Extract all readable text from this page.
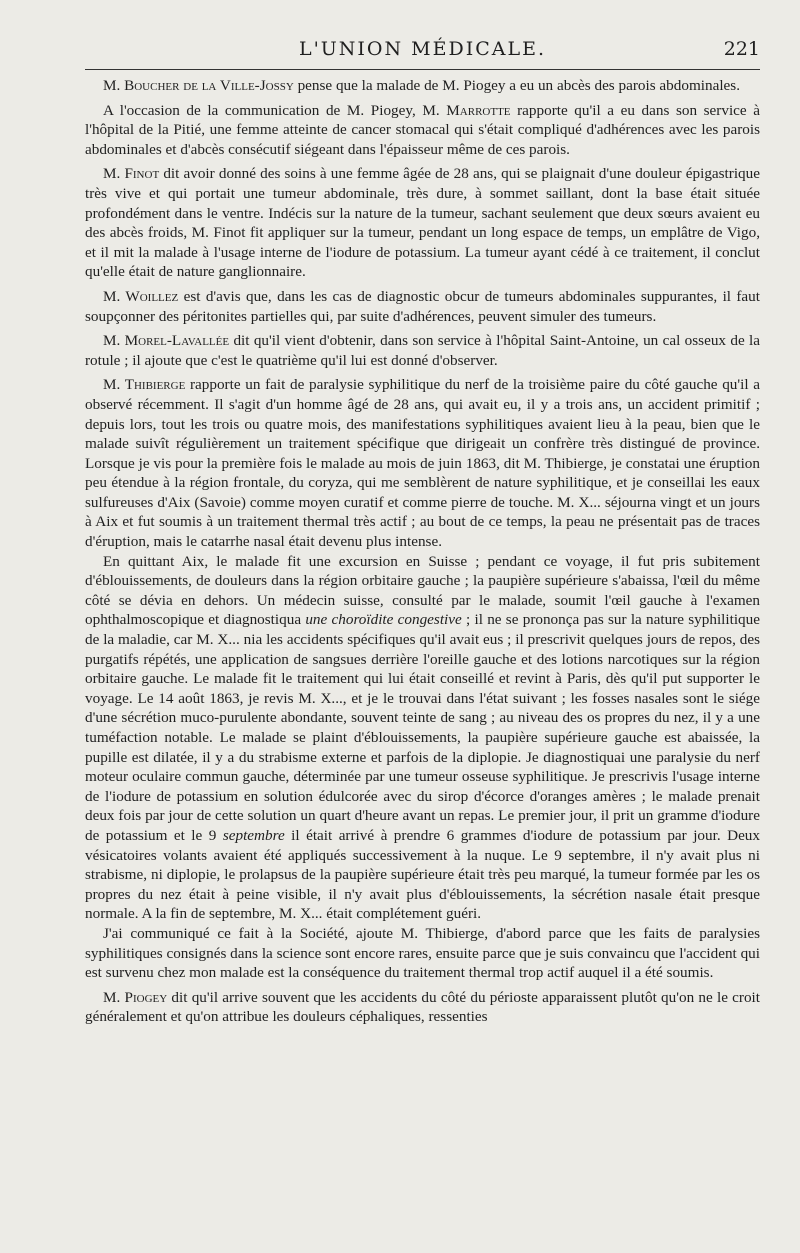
L'UNION MÉDICALE.	221

M. Boucher de la Ville-Jossy pense que la malade de M. Piogey a eu un abcès des parois abdominales.

A l'occasion de la communication de M. Piogey, M. Marrotte rapporte qu'il a eu dans son service à l'hôpital de la Pitié, une femme atteinte de cancer stomacal qui s'était compliqué d'adhérences avec les parois abdominales et d'abcès consécutif siégeant dans l'épaisseur même de ces parois.

M. Finot dit avoir donné des soins à une femme âgée de 28 ans, qui se plaignait d'une douleur épigastrique très vive et qui portait une tumeur abdominale, très dure, à sommet saillant, dont la base était située profondément dans le ventre. Indécis sur la nature de la tumeur, sachant seulement que deux sœurs avaient eu des abcès froids, M. Finot fit appliquer sur la tumeur, pendant un long espace de temps, un emplâtre de Vigo, et il mit la malade à l'usage interne de l'iodure de potassium. La tumeur ayant cédé à ce traitement, il conclut qu'elle était de nature ganglionnaire.

M. Woillez est d'avis que, dans les cas de diagnostic obcur de tumeurs abdominales suppurantes, il faut soupçonner des péritonites partielles qui, par suite d'adhérences, peuvent simuler des tumeurs.

M. Morel-Lavallée dit qu'il vient d'obtenir, dans son service à l'hôpital Saint-Antoine, un cal osseux de la rotule ; il ajoute que c'est le quatrième qu'il lui est donné d'observer.

M. Thibierge rapporte un fait de paralysie syphilitique du nerf de la troisième paire du côté gauche qu'il a observé récemment. Il s'agit d'un homme âgé de 28 ans, qui avait eu, il y a trois ans, un accident primitif ; depuis lors, tout les trois ou quatre mois, des manifestations syphilitiques avaient lieu à la peau, bien que le malade suivît régulièrement un traitement spécifique que dirigeait un confrère très distingué de province. Lorsque je vis pour la première fois le malade au mois de juin 1863, dit M. Thibierge, je constatai une éruption peu étendue à la région frontale, du coryza, qui me semblèrent de nature syphilitique, et je conseillai les eaux sulfureuses d'Aix (Savoie) comme moyen curatif et comme pierre de touche. M. X... séjourna vingt et un jours à Aix et fut soumis à un traitement thermal très actif ; au bout de ce temps, la peau ne présentait pas de traces d'éruption, mais le catarrhe nasal était devenu plus intense.

En quittant Aix, le malade fit une excursion en Suisse ; pendant ce voyage, il fut pris subitement d'éblouissements, de douleurs dans la région orbitaire gauche ; la paupière supérieure s'abaissa, l'œil du même côté se dévia en dehors. Un médecin suisse, consulté par le malade, soumit l'œil gauche à l'examen ophthalmoscopique et diagnostiqua une choroïdite congestive ; il ne se prononça pas sur la nature syphilitique de la maladie, car M. X... nia les accidents spécifiques qu'il avait eus ; il prescrivit quelques jours de repos, des purgatifs répétés, une application de sangsues derrière l'oreille gauche et des lotions narcotiques sur la région orbitaire gauche. Le malade fit le traitement qui lui était conseillé et revint à Paris, dès qu'il put supporter le voyage. Le 14 août 1863, je revis M. X..., et je le trouvai dans l'état suivant ; les fosses nasales sont le siége d'une sécrétion muco-purulente abondante, souvent teinte de sang ; au niveau des os propres du nez, il y a une tuméfaction notable. Le malade se plaint d'éblouissements, la paupière supérieure gauche est abaissée, la pupille est dilatée, il y a du strabisme externe et parfois de la diplopie. Je diagnostiquai une paralysie du nerf moteur oculaire commun gauche, déterminée par une tumeur osseuse syphilitique. Je prescrivis l'usage interne de l'iodure de potassium en solution édulcorée avec du sirop d'écorce d'oranges amères ; le malade prenait deux fois par jour de cette solution un quart d'heure avant un repas. Le premier jour, il prit un gramme d'iodure de potassium et le 9 septembre il était arrivé à prendre 6 grammes d'iodure de potassium par jour. Deux vésicatoires volants avaient été appliqués successivement à la nuque. Le 9 septembre, il n'y avait plus ni strabisme, ni diplopie, le prolapsus de la paupière supérieure était très peu marqué, la tumeur formée par les os propres du nez était à peine visible, il n'y avait plus d'éblouissements, la sécrétion nasale était presque normale. A la fin de septembre, M. X... était complétement guéri.

J'ai communiqué ce fait à la Société, ajoute M. Thibierge, d'abord parce que les faits de paralysies syphilitiques consignés dans la science sont encore rares, ensuite parce que je suis convaincu que l'accident qui est survenu chez mon malade est la conséquence du traitement thermal trop actif auquel il a été soumis.

M. Piogey dit qu'il arrive souvent que les accidents du côté du périoste apparaissent plutôt qu'on ne le croit généralement et qu'on attribue les douleurs céphaliques, ressenties
